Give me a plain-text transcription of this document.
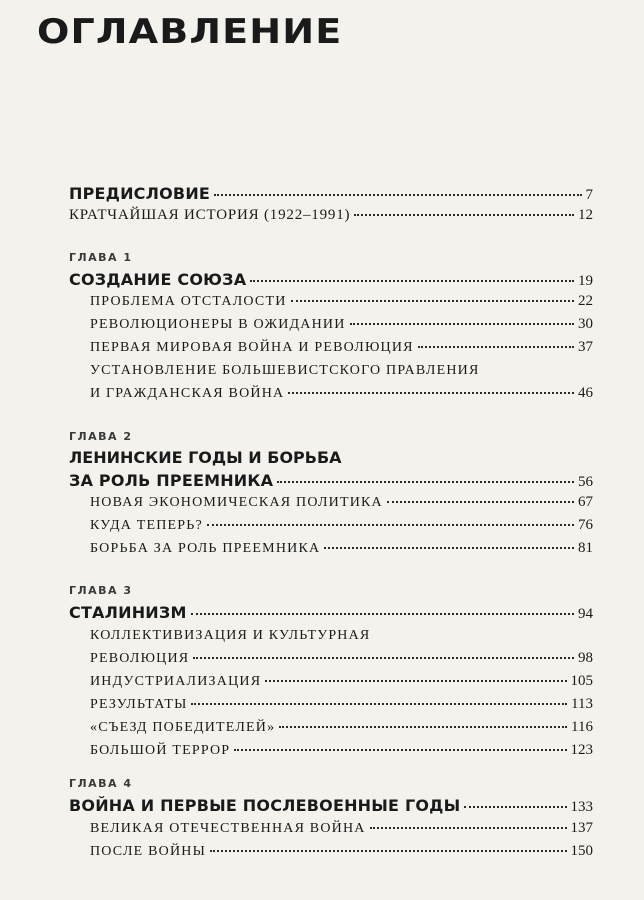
ОГЛАВЛЕНИЕ
ПРЕДИСЛОВИЕ	7
КРАТЧАЙШАЯ ИСТОРИЯ (1922–1991)	12
ГЛАВА 1
СОЗДАНИЕ СОЮЗА	19
ПРОБЛЕМА ОТСТАЛОСТИ	22
РЕВОЛЮЦИОНЕРЫ В ОЖИДАНИИ	30
ПЕРВАЯ МИРОВАЯ ВОЙНА И РЕВОЛЮЦИЯ	37
УСТАНОВЛЕНИЕ БОЛЬШЕВИСТСКОГО ПРАВЛЕНИЯ
И ГРАЖДАНСКАЯ ВОЙНА	46
ГЛАВА 2
ЛЕНИНСКИЕ ГОДЫ И БОРЬБА
ЗА РОЛЬ ПРЕЕМНИКА	56
НОВАЯ ЭКОНОМИЧЕСКАЯ ПОЛИТИКА	67
КУДА ТЕПЕРЬ?	76
БОРЬБА ЗА РОЛЬ ПРЕЕМНИКА	81
ГЛАВА 3
СТАЛИНИЗМ	94
КОЛЛЕКТИВИЗАЦИЯ И КУЛЬТУРНАЯ
РЕВОЛЮЦИЯ	98
ИНДУСТРИАЛИЗАЦИЯ	105
РЕЗУЛЬТАТЫ	113
«СЪЕЗД ПОБЕДИТЕЛЕЙ»	116
БОЛЬШОЙ ТЕРРОР	123
ГЛАВА 4
ВОЙНА И ПЕРВЫЕ ПОСЛЕВОЕННЫЕ ГОДЫ	133
ВЕЛИКАЯ ОТЕЧЕСТВЕННАЯ ВОЙНА	137
ПОСЛЕ ВОЙНЫ	150
